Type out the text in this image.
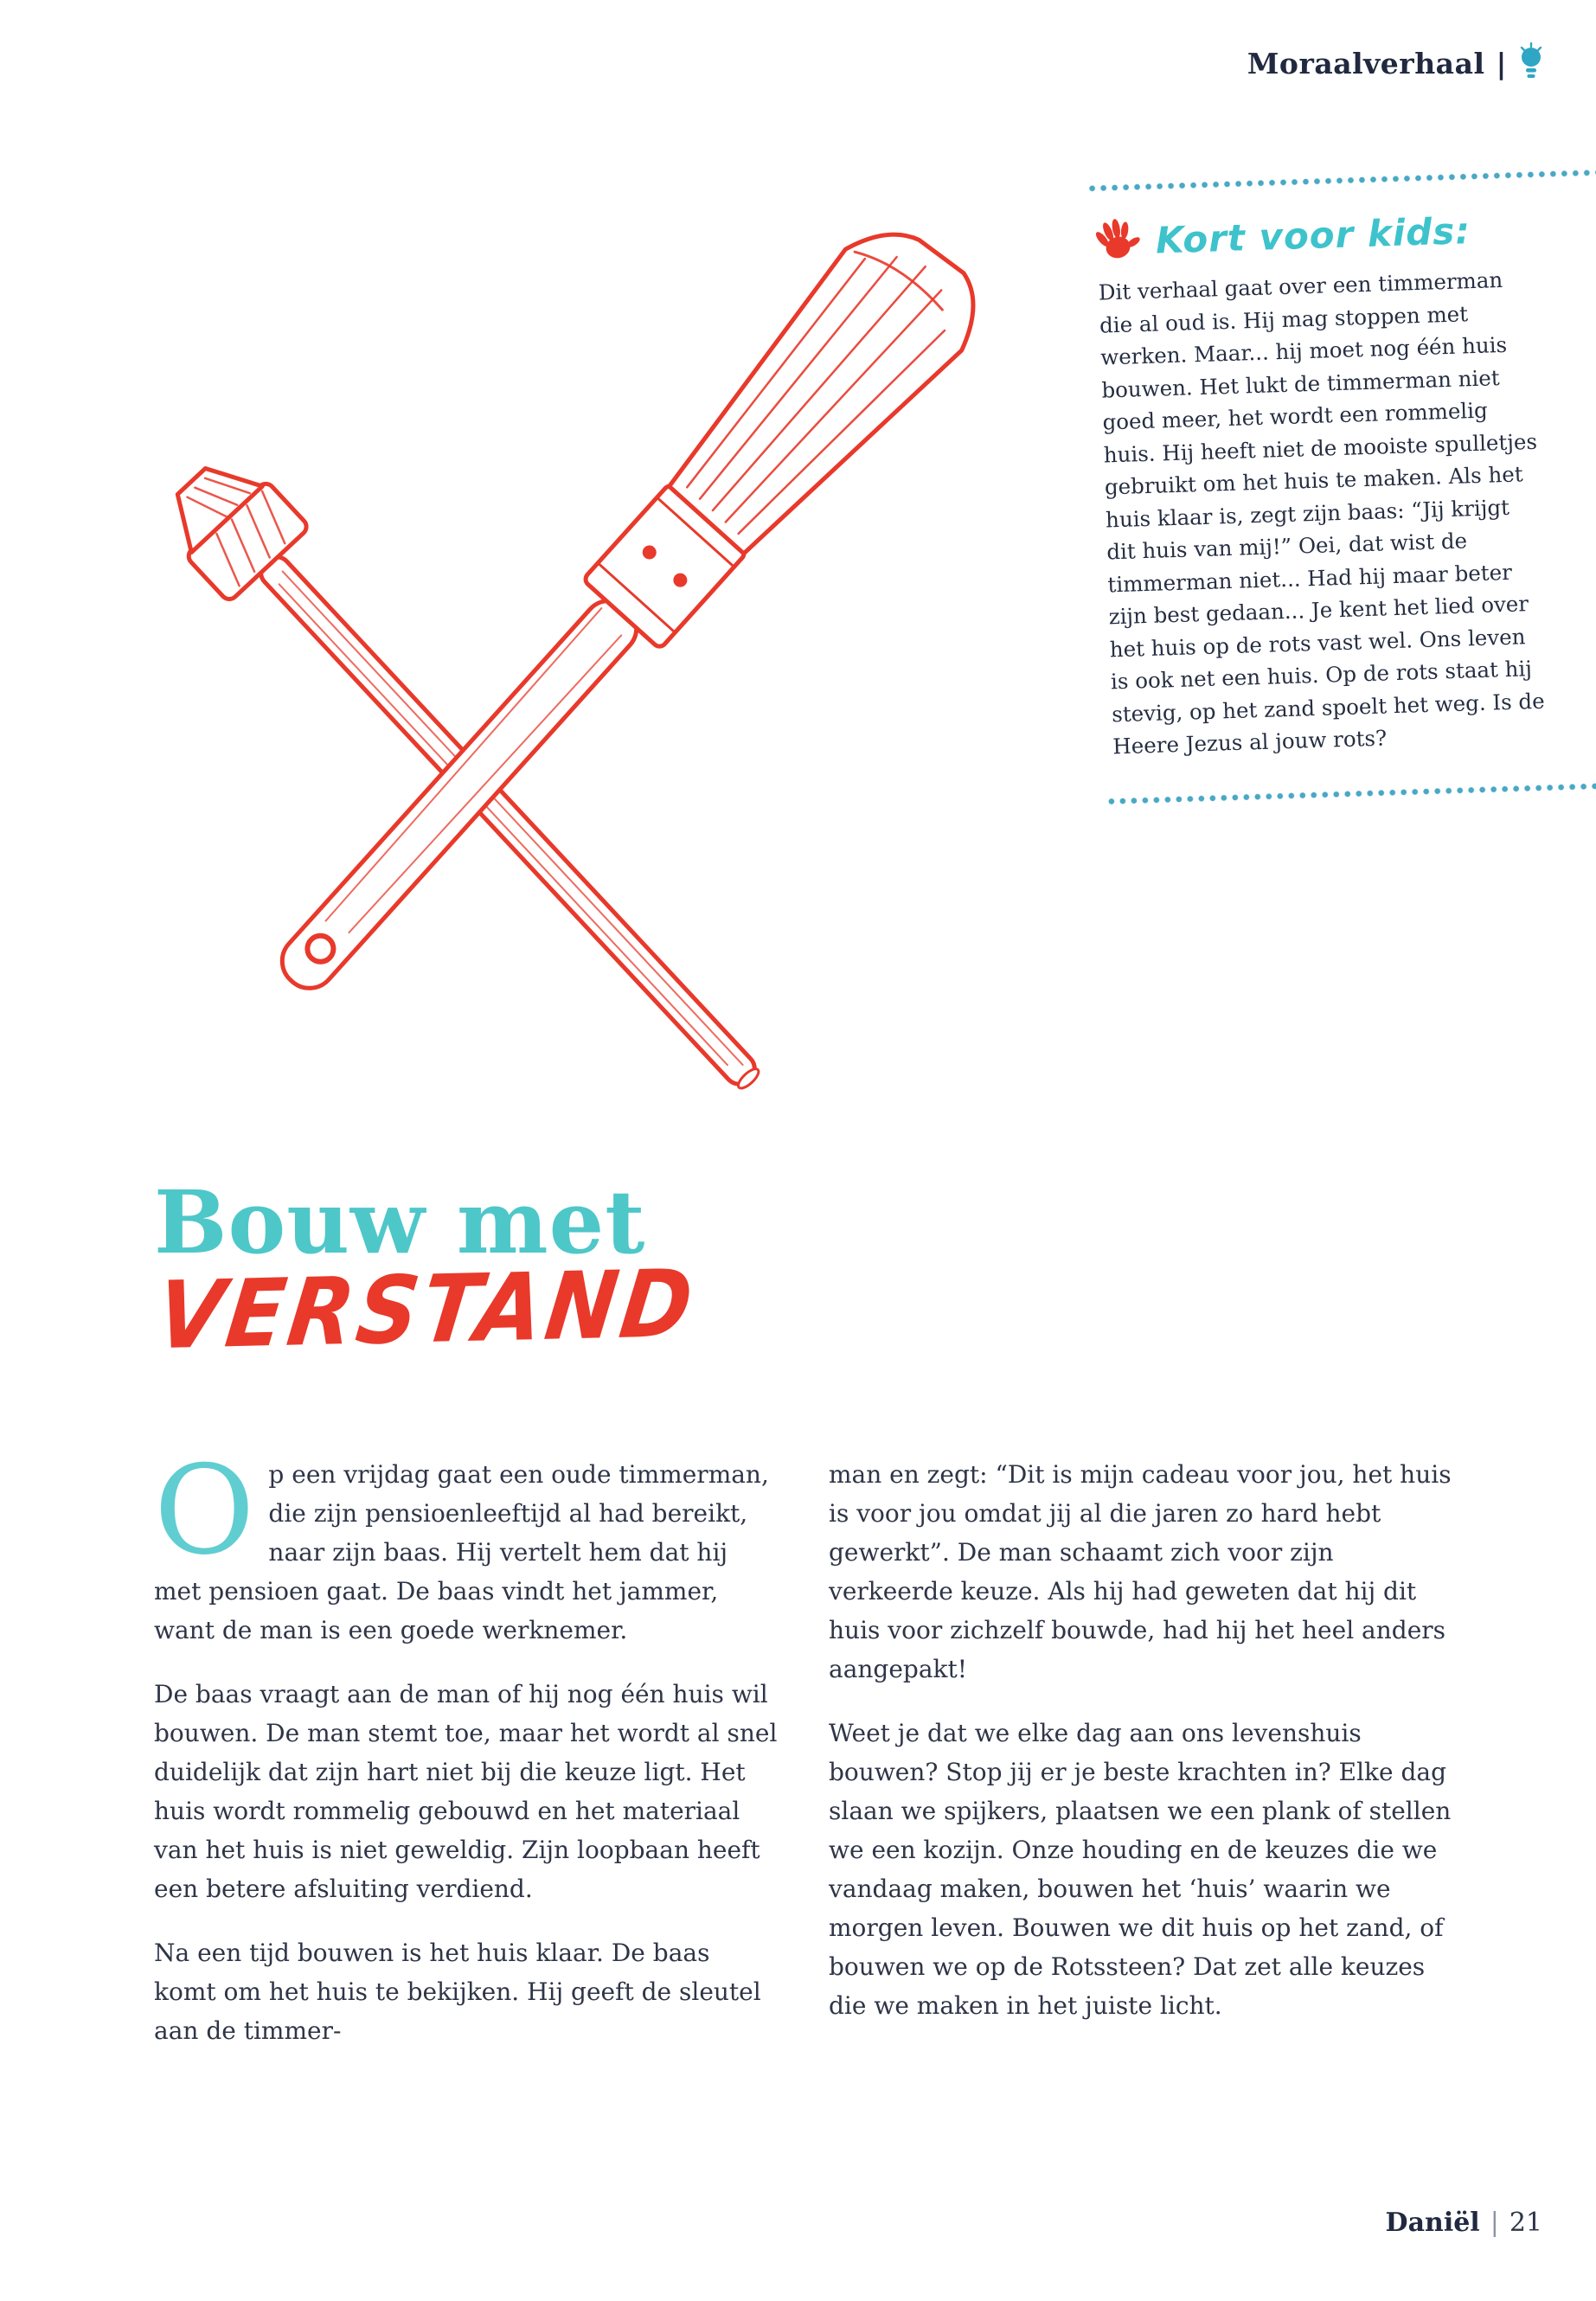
Moraalverhaal |
Kort voor kids:

Dit verhaal gaat over een timmerman die al oud is. Hij mag stoppen met werken. Maar... hij moet nog één huis bouwen. Het lukt de timmerman niet goed meer, het wordt een rommelig huis. Hij heeft niet de mooiste spulletjes gebruikt om het huis te maken. Als het huis klaar is, zegt zijn baas: “Jij krijgt dit huis van mij!” Oei, dat wist de timmerman niet... Had hij maar beter zijn best gedaan... Je kent het lied over het huis op de rots vast wel. Ons leven is ook net een huis. Op de rots staat hij stevig, op het zand spoelt het weg. Is de Heere Jezus al jouw rots?

Bouw met
VERSTAND

Op een vrijdag gaat een oude timmerman, die zijn pensioenleeftijd al had bereikt, naar zijn baas. Hij vertelt hem dat hij met pensioen gaat. De baas vindt het jammer, want de man is een goede werknemer.

De baas vraagt aan de man of hij nog één huis wil bouwen. De man stemt toe, maar het wordt al snel duidelijk dat zijn hart niet bij die keuze ligt. Het huis wordt rommelig gebouwd en het materiaal van het huis is niet geweldig. Zijn loopbaan heeft een betere afsluiting verdiend.

Na een tijd bouwen is het huis klaar. De baas komt om het huis te bekijken. Hij geeft de sleutel aan de timmer-

man en zegt: “Dit is mijn cadeau voor jou, het huis is voor jou omdat jij al die jaren zo hard hebt gewerkt”. De man schaamt zich voor zijn verkeerde keuze. Als hij had geweten dat hij dit huis voor zichzelf bouwde, had hij het heel anders aangepakt!

Weet je dat we elke dag aan ons levenshuis bouwen? Stop jij er je beste krachten in? Elke dag slaan we spijkers, plaatsen we een plank of stellen we een kozijn. Onze houding en de keuzes die we vandaag maken, bouwen het ‘huis’ waarin we morgen leven. Bouwen we dit huis op het zand, of bouwen we op de Rotssteen? Dat zet alle keuzes die we maken in het juiste licht.

Daniël | 21
